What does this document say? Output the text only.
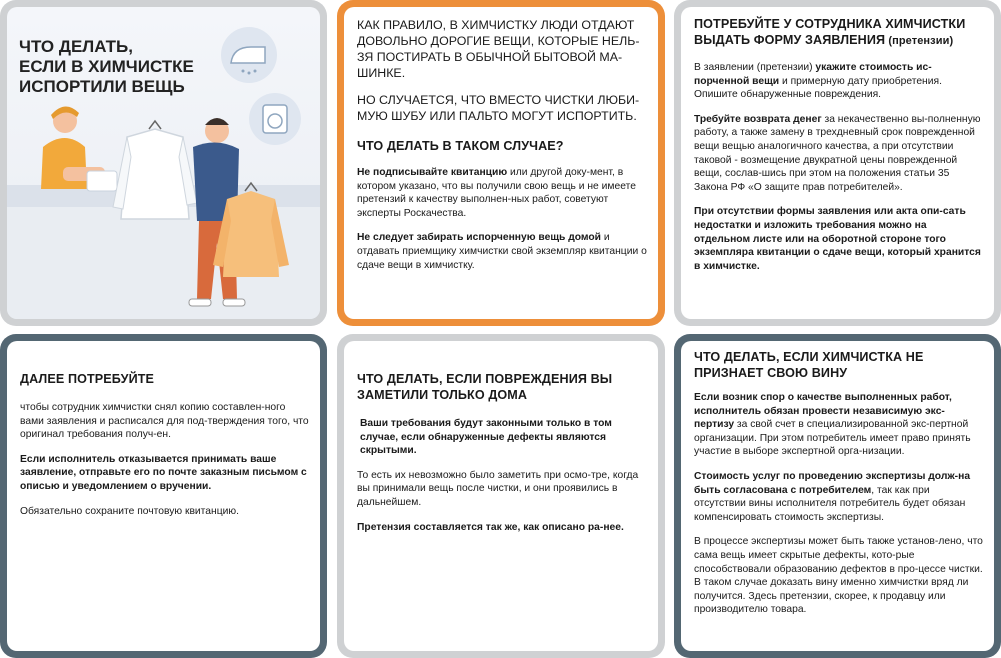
ЧТО ДЕЛАТЬ,
ЕСЛИ В ХИМЧИСТКЕ
ИСПОРТИЛИ ВЕЩЬ

КАК ПРАВИЛО, В ХИМЧИСТКУ ЛЮДИ ОТДАЮТ ДОВОЛЬНО ДОРОГИЕ ВЕЩИ, КОТОРЫЕ НЕЛЬ-ЗЯ ПОСТИРАТЬ В ОБЫЧНОЙ БЫТОВОЙ МА-ШИНКЕ.

НО СЛУЧАЕТСЯ, ЧТО ВМЕСТО ЧИСТКИ ЛЮБИ-МУЮ ШУБУ ИЛИ ПАЛЬТО МОГУТ ИСПОРТИТЬ.

ЧТО ДЕЛАТЬ В ТАКОМ СЛУЧАЕ?

Не подписывайте квитанцию или другой доку-мент, в котором указано, что вы получили свою вещь и не имеете претензий к качеству выполнен-ных работ, советуют эксперты Роскачества.

Не следует забирать испорченную вещь домой и отдавать приемщику химчистки свой экземпляр квитанции о сдаче вещи в химчистку.

ПОТРЕБУЙТЕ У СОТРУДНИКА ХИМЧИСТКИ ВЫДАТЬ ФОРМУ ЗАЯВЛЕНИЯ (претензии)

В заявлении (претензии) укажите стоимость ис-порченной вещи и примерную дату приобретения. Опишите обнаруженные повреждения.

Требуйте возврата денег за некачественно вы-полненную работу, а также замену в трехдневный срок поврежденной вещи вещью аналогичного качества, а при отсутствии таковой - возмещение двукратной цены поврежденной вещи, сослав-шись при этом на положения статьи 35 Закона РФ «О защите прав потребителей».

При отсутствии формы заявления или акта опи-сать недостатки и изложить требования можно на отдельном листе или на оборотной стороне того экземпляра квитанции о сдаче вещи, который хранится в химчистке.

ДАЛЕЕ ПОТРЕБУЙТЕ

чтобы сотрудник химчистки снял копию составлен-ного вами заявления и расписался для под-тверждения того, что оригинал требования получ-ен.

Если исполнитель отказывается принимать ваше заявление, отправьте его по почте заказным письмом с описью и уведомлением о вручении.

Обязательно сохраните почтовую квитанцию.

ЧТО ДЕЛАТЬ, ЕСЛИ ПОВРЕЖДЕНИЯ ВЫ ЗАМЕТИЛИ ТОЛЬКО ДОМА

Ваши требования будут законными только в том случае, если обнаруженные дефекты являются скрытыми.

То есть их невозможно было заметить при осмо-тре, когда вы принимали вещь после чистки, и они проявились в дальнейшем.

Претензия составляется так же, как описано ра-нее.

ЧТО ДЕЛАТЬ, ЕСЛИ ХИМЧИСТКА НЕ ПРИЗНАЕТ СВОЮ ВИНУ

Если возник спор о качестве выполненных работ, исполнитель обязан провести независимую экс-пертизу за свой счет в специализированной экс-пертной организации. При этом потребитель имеет право принять участие в выборе экспертной орга-низации.

Стоимость услуг по проведению экспертизы долж-на быть согласована с потребителем, так как при отсутствии вины исполнителя потребитель будет обязан компенсировать стоимость экспертизы.

В процессе экспертизы может быть также установ-лено, что сама вещь имеет скрытые дефекты, кото-рые способствовали образованию дефектов в про-цессе чистки. В таком случае доказать вину именно химчистки вряд ли получится. Здесь претензии, скорее, к продавцу или производителю товара.
